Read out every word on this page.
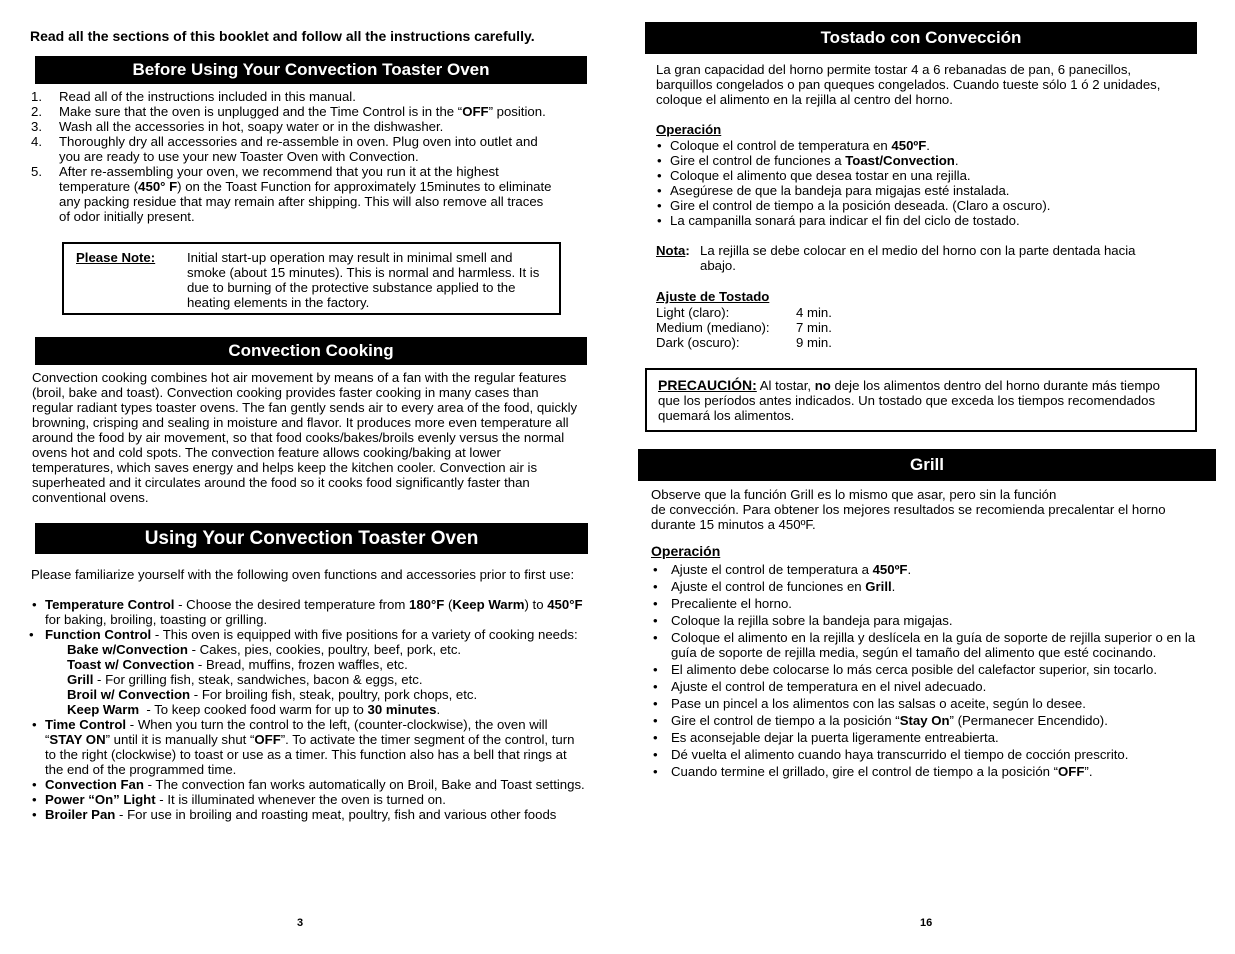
Read all the sections of this booklet and follow all the instructions carefully.
Before Using Your Convection Toaster Oven
1. Read all of the instructions included in this manual.
2. Make sure that the oven is unplugged and the Time Control is in the “OFF” position.
3. Wash all the accessories in hot, soapy water or in the dishwasher.
4. Thoroughly dry all accessories and re-assemble in oven. Plug oven into outlet and you are ready to use your new Toaster Oven with Convection.
5. After re-assembling your oven, we recommend that you run it at the highest temperature (450° F) on the Toast Function for approximately 15minutes to eliminate any packing residue that may remain after shipping. This will also remove all traces of odor initially present.
Please Note: Initial start-up operation may result in minimal smell and smoke (about 15 minutes). This is normal and harmless. It is due to burning of the protective substance applied to the heating elements in the factory.
Convection Cooking
Convection cooking combines hot air movement by means of a fan with the regular features (broil, bake and toast). Convection cooking provides faster cooking in many cases than regular radiant types toaster ovens. The fan gently sends air to every area of the food, quickly browning, crisping and sealing in moisture and flavor. It produces more even temperature all around the food by air movement, so that food cooks/bakes/broils evenly versus the normal ovens hot and cold spots. The convection feature allows cooking/baking at lower temperatures, which saves energy and helps keep the kitchen cooler. Convection air is superheated and it circulates around the food so it cooks food significantly faster than conventional ovens.
Using Your Convection Toaster Oven
Please familiarize yourself with the following oven functions and accessories prior to first use:
• Temperature Control - Choose the desired temperature from 180°F (Keep Warm) to 450°F for baking, broiling, toasting or grilling.
• Function Control - This oven is equipped with five positions for a variety of cooking needs:
Bake w/Convection - Cakes, pies, cookies, poultry, beef, pork, etc.
Toast w/ Convection - Bread, muffins, frozen waffles, etc.
Grill - For grilling fish, steak, sandwiches, bacon & eggs, etc.
Broil w/ Convection - For broiling fish, steak, poultry, pork chops, etc.
Keep Warm  - To keep cooked food warm for up to 30 minutes.
• Time Control - When you turn the control to the left, (counter-clockwise), the oven will “STAY ON” until it is manually shut “OFF”. To activate the timer segment of the control, turn to the right (clockwise) to toast or use as a timer. This function also has a bell that rings at the end of the programmed time.
• Convection Fan - The convection fan works automatically on Broil, Bake and Toast settings.
• Power “On” Light - It is illuminated whenever the oven is turned on.
• Broiler Pan - For use in broiling and roasting meat, poultry, fish and various other foods
3
Tostado con Convección
La gran capacidad del horno permite tostar 4 a 6 rebanadas de pan, 6 panecillos, barquillos congelados o pan queques congelados. Cuando tueste sólo 1 ó 2 unidades, coloque el alimento en la rejilla al centro del horno.
Operación
• Coloque el control de temperatura en 450ºF.
• Gire el control de funciones a Toast/Convection.
• Coloque el alimento que desea tostar en una rejilla.
• Asegúrese de que la bandeja para migajas esté instalada.
• Gire el control de tiempo a la posición deseada. (Claro a oscuro).
• La campanilla sonará para indicar el fin del ciclo de tostado.
Nota: La rejilla se debe colocar en el medio del horno con la parte dentada hacia abajo.
Ajuste de Tostado
Light (claro):	4 min.
Medium (mediano): 7 min.
Dark (oscuro):	9 min.
PRECAUCIÓN: Al tostar, no deje los alimentos dentro del horno durante más tiempo que los períodos antes indicados. Un tostado que exceda los tiempos recomendados quemará los alimentos.
Grill
Observe que la función Grill es lo mismo que asar, pero sin la función
de convección. Para obtener los mejores resultados se recomienda precalentar el horno durante 15 minutos a 450ºF.
Operación
• Ajuste el control de temperatura a 450ºF.
• Ajuste el control de funciones en Grill.
• Precaliente el horno.
• Coloque la rejilla sobre la bandeja para migajas.
• Coloque el alimento en la rejilla y deslícela en la guía de soporte de rejilla superior o en la guía de soporte de rejilla media, según el tamaño del alimento que esté cocinando.
• El alimento debe colocarse lo más cerca posible del calefactor superior, sin tocarlo.
• Ajuste el control de temperatura en el nivel adecuado.
• Pase un pincel a los alimentos con las salsas o aceite, según lo desee.
• Gire el control de tiempo a la posición “Stay On” (Permanecer Encendido).
• Es aconsejable dejar la puerta ligeramente entreabierta.
• Dé vuelta el alimento cuando haya transcurrido el tiempo de cocción prescrito.
• Cuando termine el grillado, gire el control de tiempo a la posición “OFF”.
16
